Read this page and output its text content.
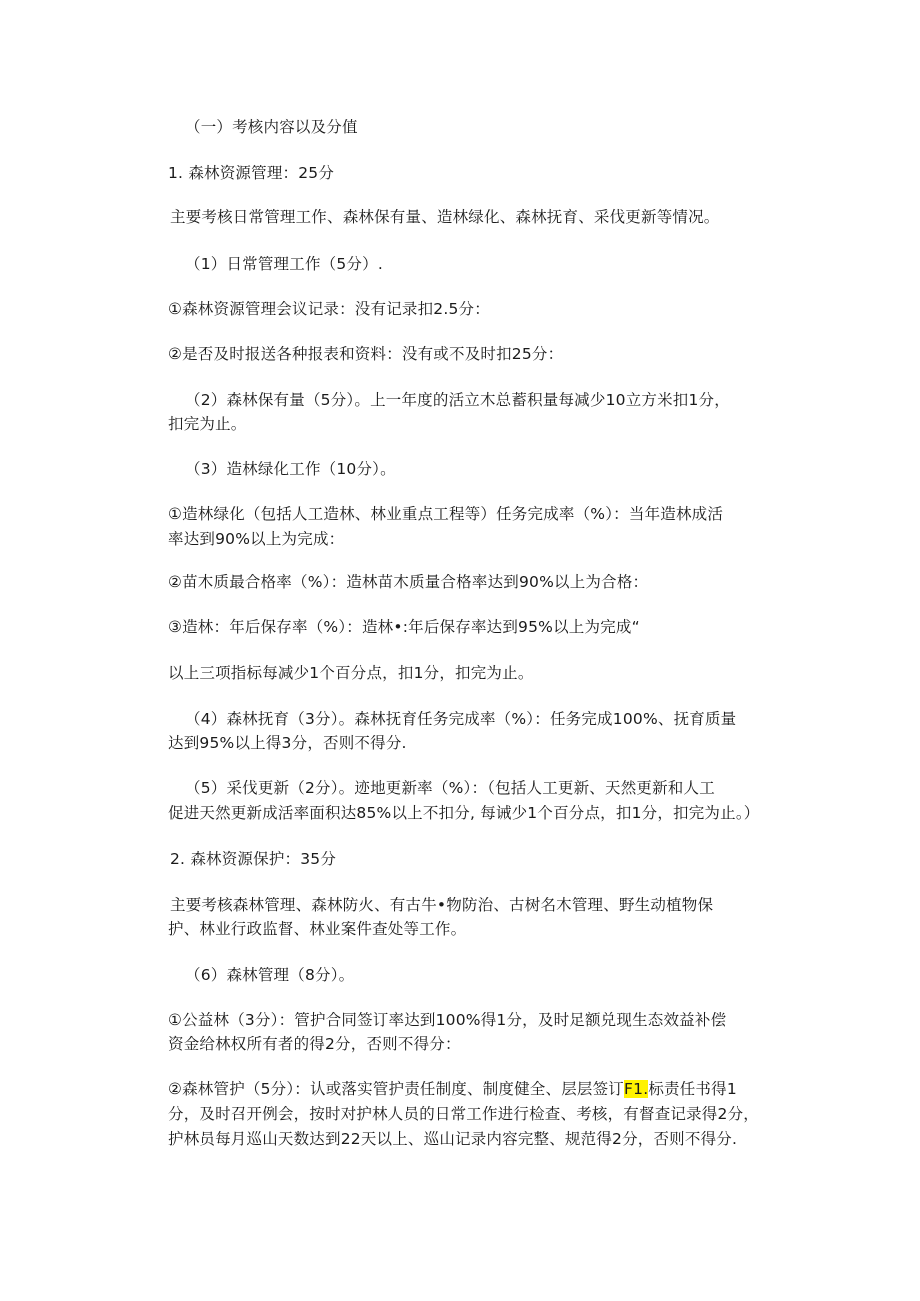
（一）考核内容以及分值
1. 森林资源管理：25分
主要考核日常管理工作、森林保有量、造林绿化、森林抚育、采伐更新等情况。
（1）日常管理工作（5分）.
①森林资源管理会议记录：没有记录扣2.5分：
②是否及时报送各种报表和资料：没有或不及时扣25分：
（2）森林保有量（5分）。上一年度的活立木总蓄积量每减少10立方米扣1分，
扣完为止。
（3）造林绿化工作（10分）。
①造林绿化（包括人工造林、林业重点工程等）任务完成率（%）：当年造林成活
率达到90%以上为完成：
②苗木质最合格率（%）：造林苗木质量合格率达到90%以上为合格：
③造林：年后保存率（%）：造林•:年后保存率达到95%以上为完成“
以上三项指标每减少1个百分点，扣1分，扣完为止。
（4）森林抚育（3分）。森林抚育任务完成率（%）：任务完成100%、抚育质量
达到95%以上得3分，否则不得分.
（5）采伐更新（2分）。迹地更新率（%）：（包括人工更新、天然更新和人工
促进天然更新成活率面积达85%以上不扣分, 每诫少1个百分点，扣1分，扣完为止。）
2. 森林资源保护：35分
主要考核森林管理、森林防火、有古牛•物防治、古树名木管理、野生动植物保
护、林业行政监督、林业案件查处等工作。
（6）森林管理（8分）。
①公益林（3分）：管护合同签订率达到100%得1分，及时足额兑现生态效益补偿
资金给林权所有者的得2分，否则不得分：
②森林管护（5分）：认或落实管护责任制度、制度健全、层层签订F1.标责任书得1
分，及时召开例会，按时对护林人员的日常工作进行检查、考核，有督查记录得2分，
护林员每月巡山天数达到22天以上、巡山记录内容完整、规范得2分，否则不得分.
